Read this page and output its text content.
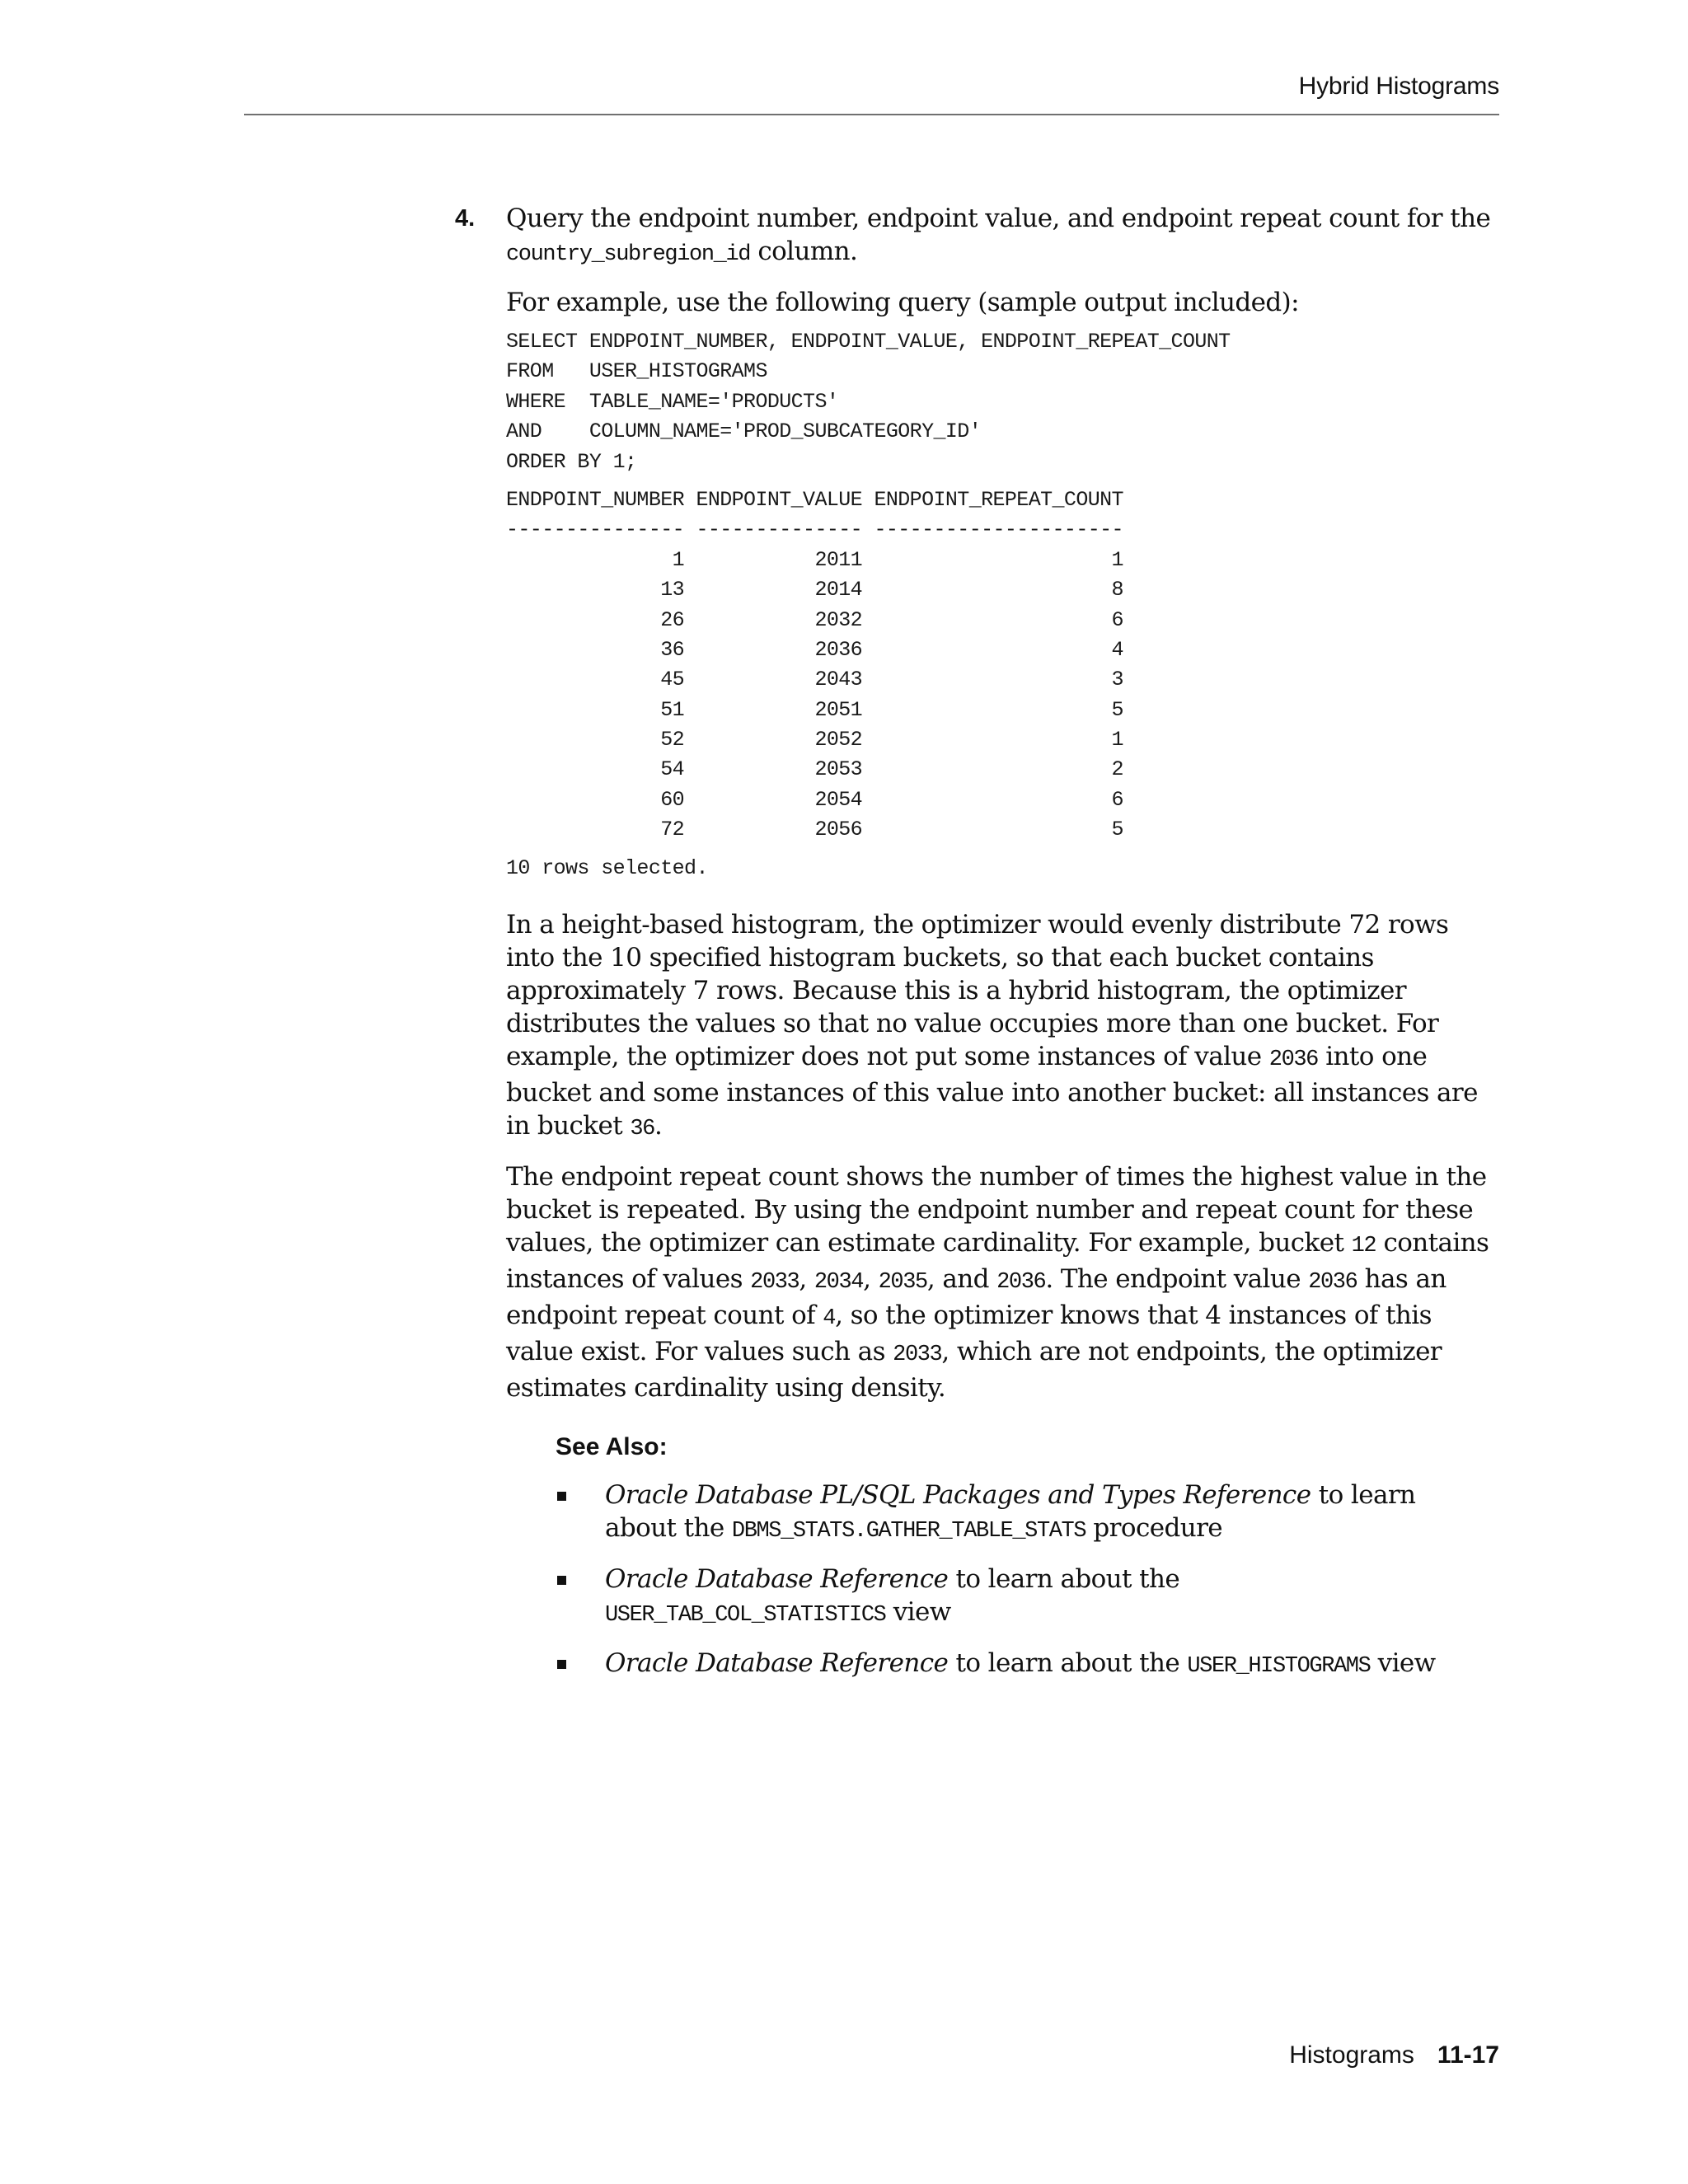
Hybrid Histograms
4. Query the endpoint number, endpoint value, and endpoint repeat count for the
country_subregion_id column.

For example, use the following query (sample output included):

SELECT ENDPOINT_NUMBER, ENDPOINT_VALUE, ENDPOINT_REPEAT_COUNT
FROM   USER_HISTOGRAMS
WHERE  TABLE_NAME='PRODUCTS'
AND    COLUMN_NAME='PROD_SUBCATEGORY_ID'
ORDER BY 1;
ENDPOINT_NUMBER ENDPOINT_VALUE ENDPOINT_REPEAT_COUNT
--------------- -------------- ---------------------
1           2011                     1
13           2014                     8
26           2032                     6
36           2036                     4
45           2043                     3
51           2051                     5
52           2052                     1
54           2053                     2
60           2054                     6
72           2056                     5
10 rows selected.

In a height-based histogram, the optimizer would evenly distribute 72 rows into the 10 specified histogram buckets, so that each bucket contains approximately 7 rows. Because this is a hybrid histogram, the optimizer distributes the values so that no value occupies more than one bucket. For example, the optimizer does not put some instances of value 2036 into one bucket and some instances of this value into another bucket: all instances are in bucket 36.

The endpoint repeat count shows the number of times the highest value in the bucket is repeated. By using the endpoint number and repeat count for these values, the optimizer can estimate cardinality. For example, bucket 12 contains instances of values 2033, 2034, 2035, and 2036. The endpoint value 2036 has an endpoint repeat count of 4, so the optimizer knows that 4 instances of this value exist. For values such as 2033, which are not endpoints, the optimizer estimates cardinality using density.

See Also:
Oracle Database PL/SQL Packages and Types Reference to learn about the DBMS_STATS.GATHER_TABLE_STATS procedure
Oracle Database Reference to learn about the
USER_TAB_COL_STATISTICS view
Oracle Database Reference to learn about the USER_HISTOGRAMS view
Histograms 11-17
